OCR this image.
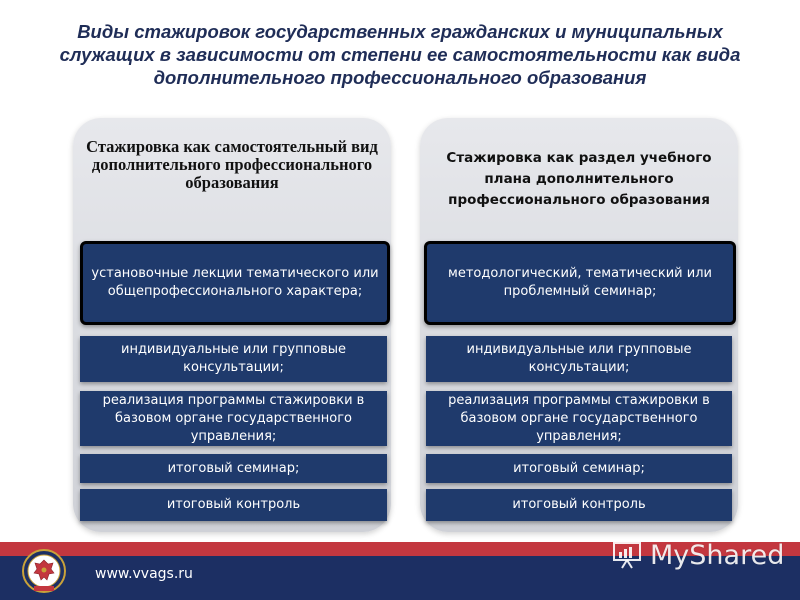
Виды стажировок государственных гражданских и муниципальных служащих в зависимости от степени ее самостоятельности как вида дополнительного профессионального образования
Стажировка как самостоятельный вид дополнительного профессионального образования
установочные лекции тематического или общепрофессионального характера;
индивидуальные или групповые консультации;
реализация программы стажировки в базовом органе государственного управления;
итоговый семинар;
итоговый контроль
Стажировка как раздел учебного плана дополнительного профессионального образования
методологический, тематический или проблемный семинар;
индивидуальные или групповые консультации;
реализация программы стажировки в базовом органе государственного управления;
итоговый семинар;
итоговый контроль
www.vvags.ru
MyShared
